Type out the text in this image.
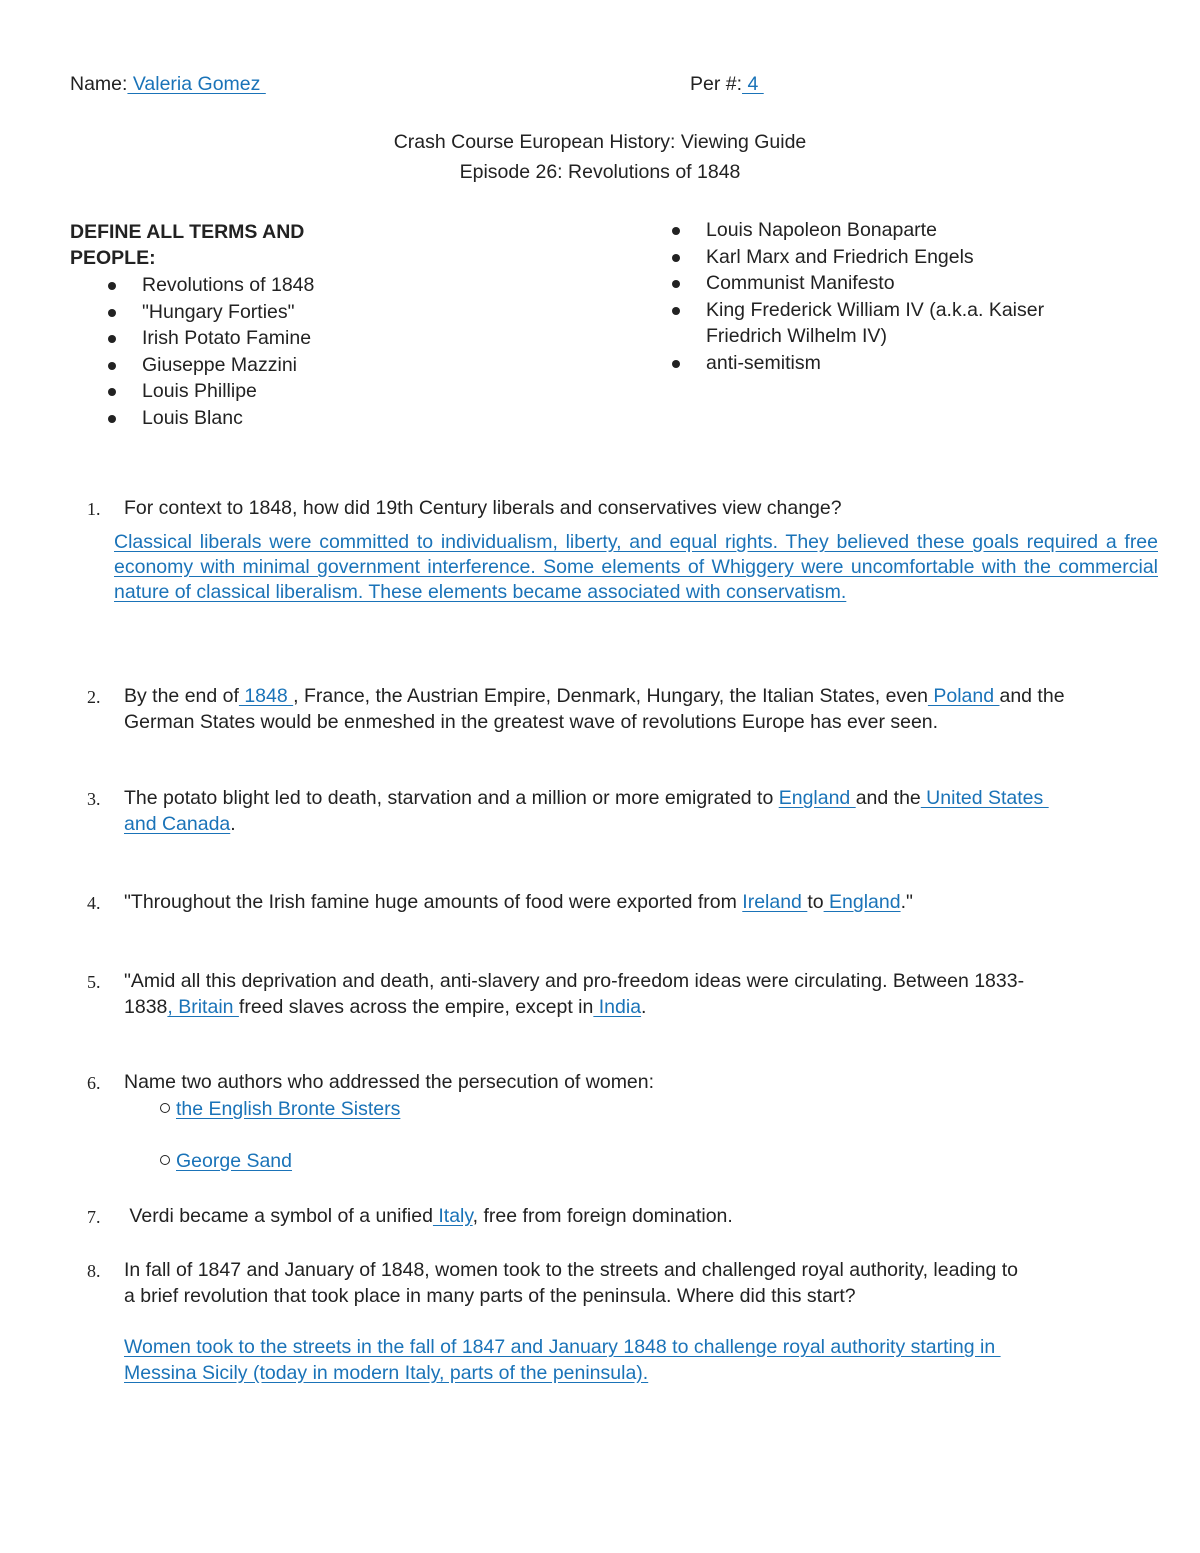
Name: Valeria Gomez	Per #: 4
Crash Course European History: Viewing Guide
Episode 26: Revolutions of 1848
DEFINE ALL TERMS AND PEOPLE:
Revolutions of 1848
"Hungary Forties"
Irish Potato Famine
Giuseppe Mazzini
Louis Phillipe
Louis Blanc
Louis Napoleon Bonaparte
Karl Marx and Friedrich Engels
Communist Manifesto
King Frederick William IV (a.k.a. Kaiser Friedrich Wilhelm IV)
anti-semitism
1. For context to 1848, how did 19th Century liberals and conservatives view change?
Classical liberals were committed to individualism, liberty, and equal rights. They believed these goals required a free economy with minimal government interference. Some elements of Whiggery were uncomfortable with the commercial nature of classical liberalism. These elements became associated with conservatism.
2. By the end of 1848 , France, the Austrian Empire, Denmark, Hungary, the Italian States, even Poland and the
German States would be enmeshed in the greatest wave of revolutions Europe has ever seen.
3. The potato blight led to death, starvation and a million or more emigrated to England and the United States
and Canada.
4. "Throughout the Irish famine huge amounts of food were exported from Ireland to England."
5. "Amid all this deprivation and death, anti-slavery and pro-freedom ideas were circulating. Between 1833-
1838, Britain freed slaves across the empire, except in India.
6. Name two authors who addressed the persecution of women:
the English Bronte Sisters
George Sand
7. Verdi became a symbol of a unified Italy, free from foreign domination.
8. In fall of 1847 and January of 1848, women took to the streets and challenged royal authority, leading to
a brief revolution that took place in many parts of the peninsula. Where did this start?
Women took to the streets in the fall of 1847 and January 1848 to challenge royal authority starting in
Messina Sicily (today in modern Italy, parts of the peninsula).
